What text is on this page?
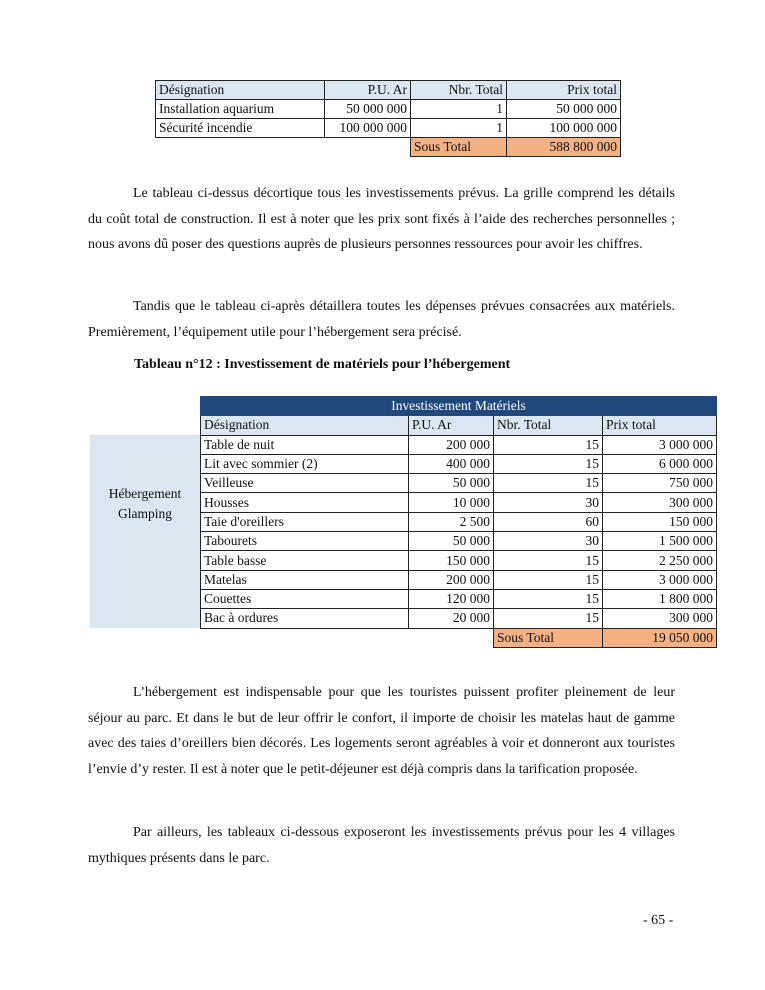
Désignation	P.U. Ar	Nbr. Total	Prix total
Installation aquarium	50 000 000	1	50 000 000
Sécurité incendie	100 000 000	1	100 000 000
		Sous Total	588 800 000
Le tableau ci-dessus décortique tous les investissements prévus. La grille comprend les détails du coût total de construction. Il est à noter que les prix sont fixés à l’aide des recherches personnelles ; nous avons dû poser des questions auprès de plusieurs personnes ressources pour avoir les chiffres.
Tandis que le tableau ci-après détaillera toutes les dépenses prévues consacrées aux matériels. Premièrement, l’équipement utile pour l’hébergement sera précisé.
Tableau n°12 : Investissement de matériels pour l’hébergement
	Investissement Matériels			
	Désignation	P.U. Ar	Nbr. Total	Prix total

Hébergement
Glamping	Table de nuit	200 000	15	3 000 000
	Lit avec sommier (2)	400 000	15	6 000 000
	Veilleuse	50 000	15	750 000
	Housses	10 000	30	300 000
	Taie d'oreillers	2 500	60	150 000
	Tabourets	50 000	30	1 500 000
	Table basse	150 000	15	2 250 000
	Matelas	200 000	15	3 000 000
	Couettes	120 000	15	1 800 000
	Bac à ordures	20 000	15	300 000
			Sous Total	19 050 000
L’hébergement est indispensable pour que les touristes puissent profiter pleinement de leur séjour au parc. Et dans le but de leur offrir le confort, il importe de choisir les matelas haut de gamme avec des taies d’oreillers bien décorés. Les logements seront agréables à voir et donneront aux touristes l’envie d’y rester. Il est à noter que le petit-déjeuner est déjà compris dans la tarification proposée.
Par ailleurs, les tableaux ci-dessous exposeront les investissements prévus pour les 4 villages mythiques présents dans le parc.
- 65 -
